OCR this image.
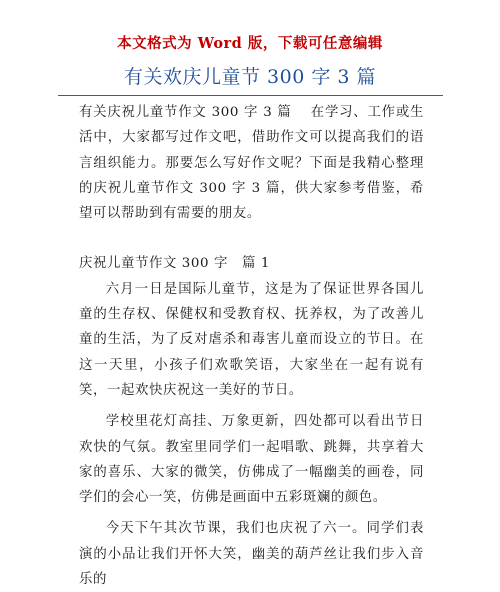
本文格式为 Word 版，下载可任意编辑
有关欢庆儿童节 300 字 3 篇

有关庆祝儿童节作文 300 字 3 篇　 在学习、工作或生活中，大家都写过作文吧，借助作文可以提高我们的语言组织能力。那要怎么写好作文呢？下面是我精心整理的庆祝儿童节作文 300 字 3 篇，供大家参考借鉴，希望可以帮助到有需要的朋友。

庆祝儿童节作文 300 字　篇 1

六月一日是国际儿童节，这是为了保证世界各国儿童的生存权、保健权和受教育权、抚养权，为了改善儿童的生活，为了反对虐杀和毒害儿童而设立的节日。在这一天里，小孩子们欢歌笑语，大家坐在一起有说有笑，一起欢快庆祝这一美好的节日。

学校里花灯高挂、万象更新，四处都可以看出节日欢快的气氛。教室里同学们一起唱歌、跳舞，共享着大家的喜乐、大家的微笑，仿佛成了一幅幽美的画卷，同学们的会心一笑，仿佛是画面中五彩斑斓的颜色。

今天下午其次节课，我们也庆祝了六一。同学们表演的小品让我们开怀大笑，幽美的葫芦丝让我们步入音乐的
